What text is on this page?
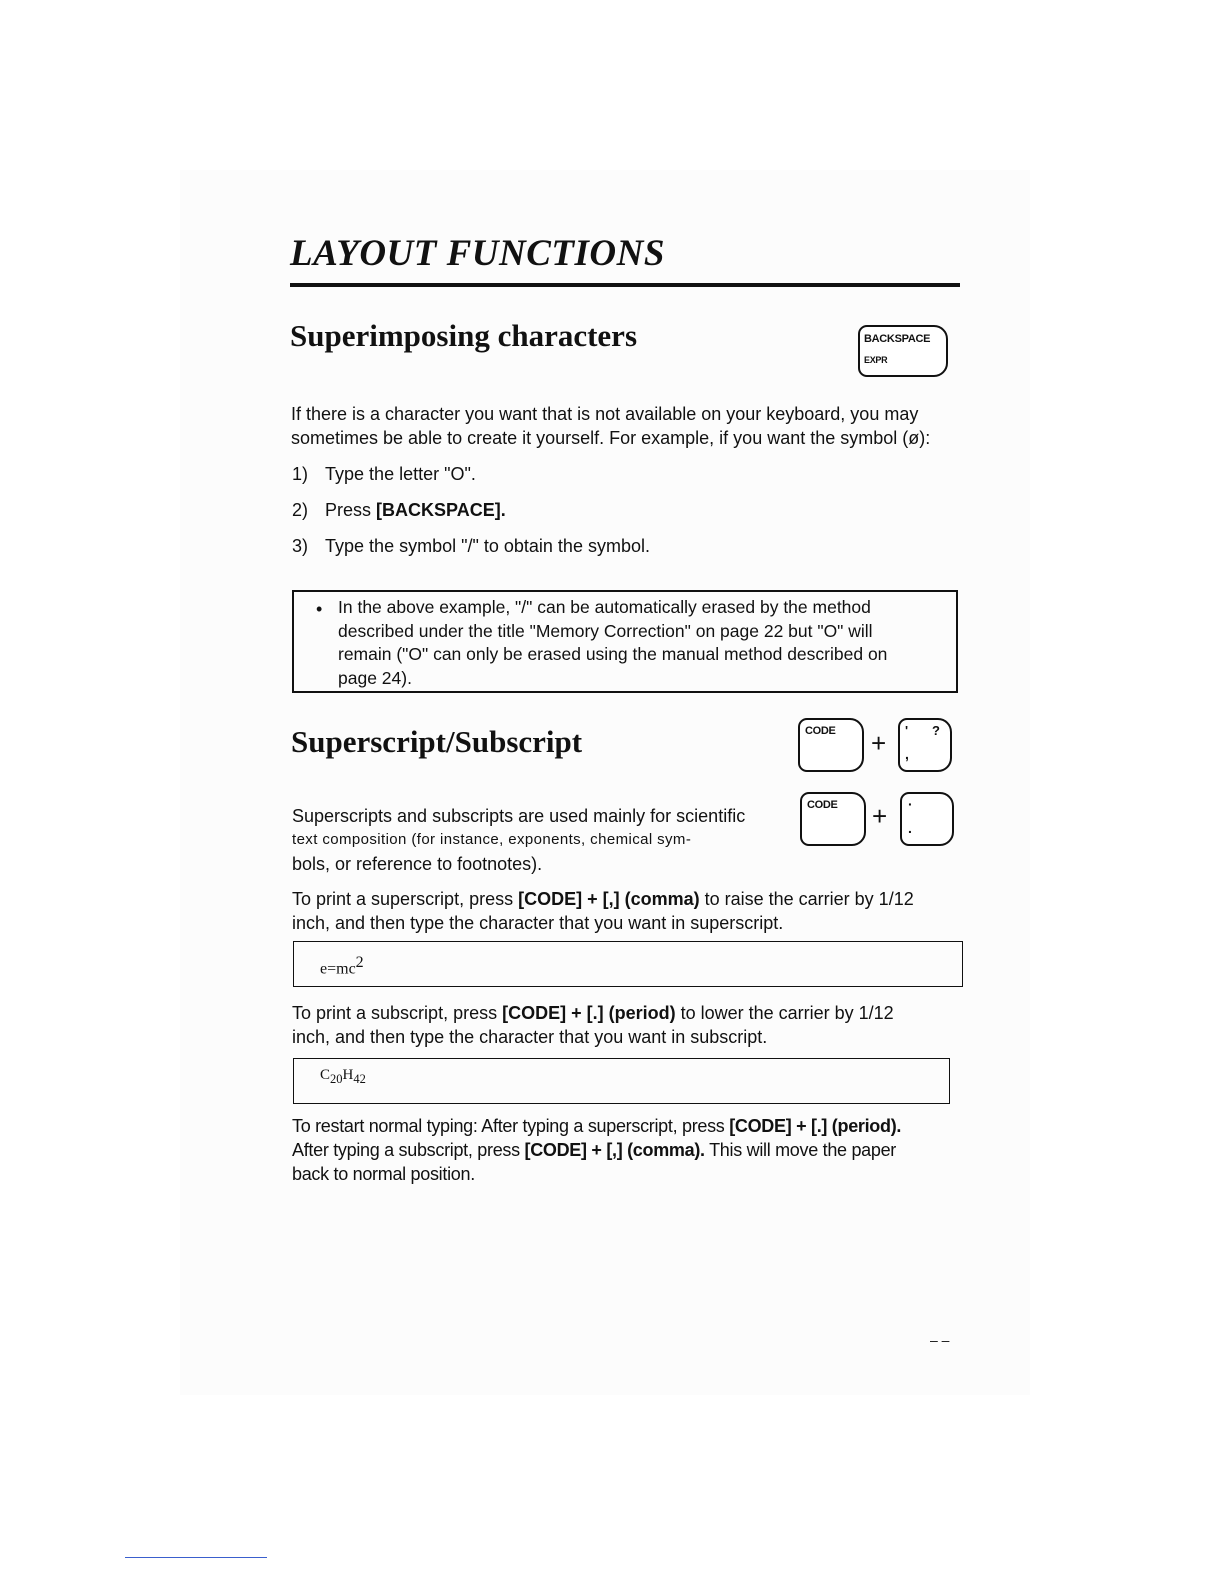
LAYOUT FUNCTIONS
Superimposing characters	BACKSPACE
EXPR
If there is a character you want that is not available on your keyboard, you may
sometimes be able to create it yourself. For example, if you want the symbol (ø):
1) Type the letter "O".
2) Press [BACKSPACE].
3) Type the symbol "/" to obtain the symbol.
• In the above example, "/" can be automatically erased by the method
described under the title "Memory Correction" on page 22 but "O" will
remain ("O" can only be erased using the manual method described on
page 24).
Superscript/Subscript	CODE + ' ?
,
CODE + ·
.
Superscripts and subscripts are used mainly for scientific
text composition (for instance, exponents, chemical sym-
bols, or reference to footnotes).
To print a superscript, press [CODE] + [,] (comma) to raise the carrier by 1/12
inch, and then type the character that you want in superscript.
$e=mc^2$
To print a subscript, press [CODE] + [.] (period) to lower the carrier by 1/12
inch, and then type the character that you want in subscript.
$C_{20}H_{42}$
To restart normal typing: After typing a superscript, press [CODE] + [.] (period).
After typing a subscript, press [CODE] + [,] (comma). This will move the paper
back to normal position.
– –
